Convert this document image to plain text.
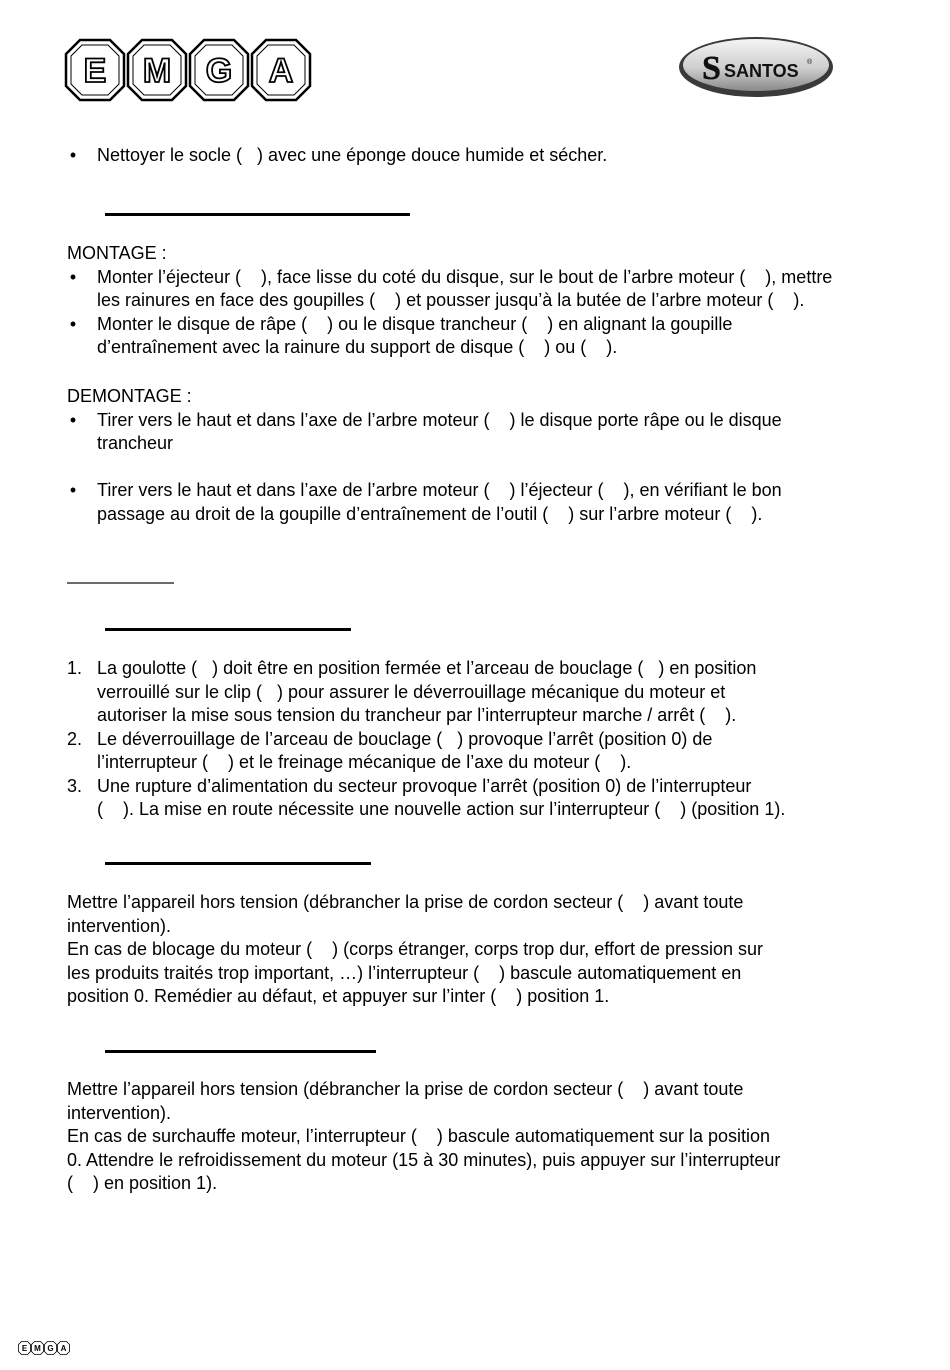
E M G A	S SANTOS ®
• Nettoyer le socle (   ) avec une éponge douce humide et sécher.

MONTAGE :

• Monter l’éjecteur (    ), face lisse du coté du disque, sur le bout de l’arbre moteur (    ), mettre
les rainures en face des goupilles (    ) et pousser jusqu’à la butée de l’arbre moteur (    ).
• Monter le disque de râpe (    ) ou le disque trancheur (    ) en alignant la goupille
d’entraînement avec la rainure du support de disque (    ) ou (    ).

DEMONTAGE :

• Tirer vers le haut et dans l’axe de l’arbre moteur (    ) le disque porte râpe ou le disque
trancheur
• Tirer vers le haut et dans l’axe de l’arbre moteur (    ) l’éjecteur (    ), en vérifiant le bon
passage au droit de la goupille d’entraînement de l’outil (    ) sur l’arbre moteur (    ).
1. La goulotte (   ) doit être en position fermée et l’arceau de bouclage (   ) en position
verrouillé sur le clip (   ) pour assurer le déverrouillage mécanique du moteur et
autoriser la mise sous tension du trancheur par l’interrupteur marche / arrêt (    ).
2. Le déverrouillage de l’arceau de bouclage (   ) provoque l’arrêt (position 0) de
l’interrupteur (    ) et le freinage mécanique de l’axe du moteur (    ).
3. Une rupture d’alimentation du secteur provoque l’arrêt (position 0) de l’interrupteur
(    ). La mise en route nécessite une nouvelle action sur l’interrupteur (    ) (position 1).

Mettre l’appareil hors tension (débrancher la prise de cordon secteur (    ) avant toute

intervention).

En cas de blocage du moteur (    ) (corps étranger, corps trop dur, effort de pression sur

les produits traités trop important, …) l’interrupteur (    ) bascule automatiquement en

position 0. Remédier au défaut, et appuyer sur l’inter (    ) position 1.

Mettre l’appareil hors tension (débrancher la prise de cordon secteur (    ) avant toute

intervention).

En cas de surchauffe moteur, l’interrupteur (    ) bascule automatiquement sur la position

0. Attendre le refroidissement du moteur (15 à 30 minutes), puis appuyer sur l’interrupteur

(    ) en position 1).

E M G A
